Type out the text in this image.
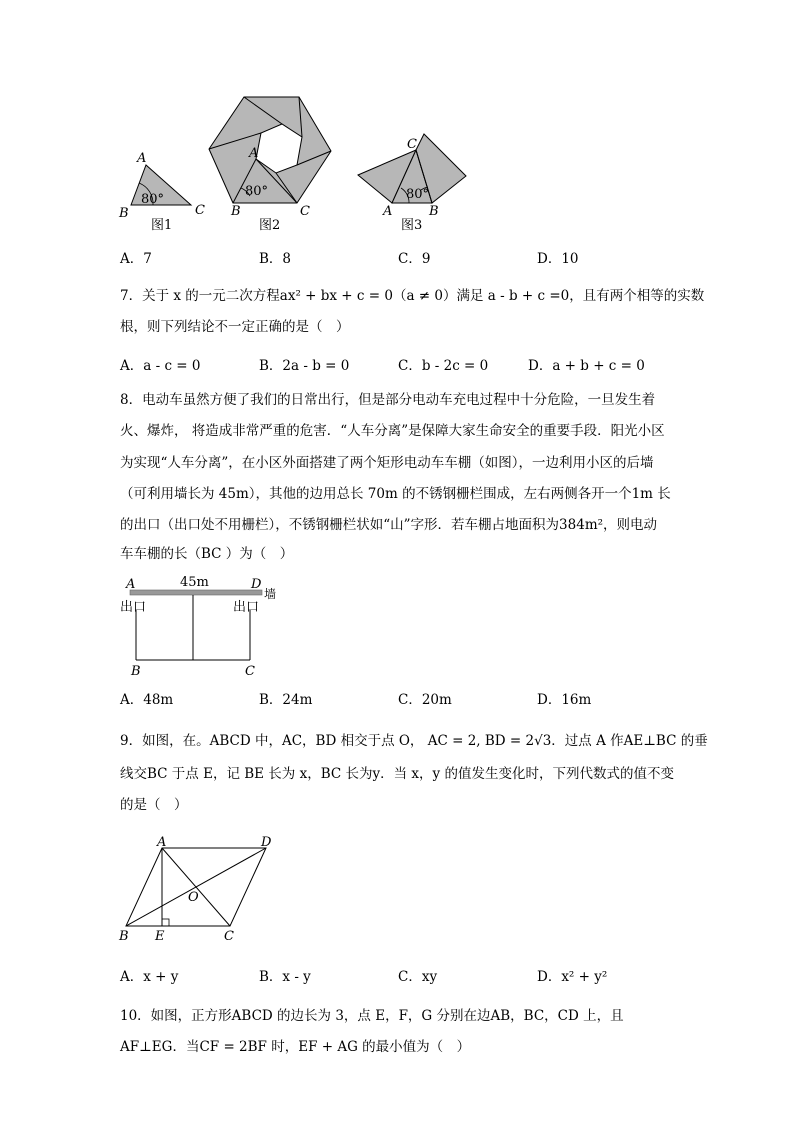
A
B	C
80°
图1
A
B	C
80°
图2
C
A	B
80°
图3
A．7	B．8	C．9	D．10
7．关于 x 的一元二次方程ax² + bx + c = 0（a ≠ 0）满足 a - b + c =0，且有两个相等的实数
根，则下列结论不一定正确的是（　）
A．a - c = 0	B．2a - b = 0	C．b - 2c = 0	D．a + b + c = 0
8．电动车虽然方便了我们的日常出行，但是部分电动车充电过程中十分危险，一旦发生着
火、爆炸， 将造成非常严重的危害．“人车分离”是保障大家生命安全的重要手段．阳光小区
为实现“人车分离”，在小区外面搭建了两个矩形电动车车棚（如图），一边利用小区的后墙
（可利用墙长为 45m），其他的边用总长 70m 的不锈钢栅栏围成，左右两侧各开一个1m 长
的出口（出口处不用栅栏），不锈钢栅栏状如“山”字形．若车棚占地面积为384m²，则电动
车车棚的长（BC ）为（　）
A	45m	D
墙
出口	出口
B	C
A．48m	B．24m	C．20m	D．16m
9．如图，在。ABCD 中，AC，BD 相交于点 O， AC = 2, BD = 2√3．过点 A 作AE⊥BC 的垂
线交BC 于点 E，记 BE 长为 x，BC 长为y．当 x，y 的值发生变化时，下列代数式的值不变
的是（　）
A	D
O
B E	C
A．x + y	B．x - y	C．xy	D．x² + y²
10．如图，正方形ABCD 的边长为 3，点 E，F，G 分别在边AB，BC，CD 上，且
AF⊥EG．当CF = 2BF 时，EF + AG 的最小值为（　）
